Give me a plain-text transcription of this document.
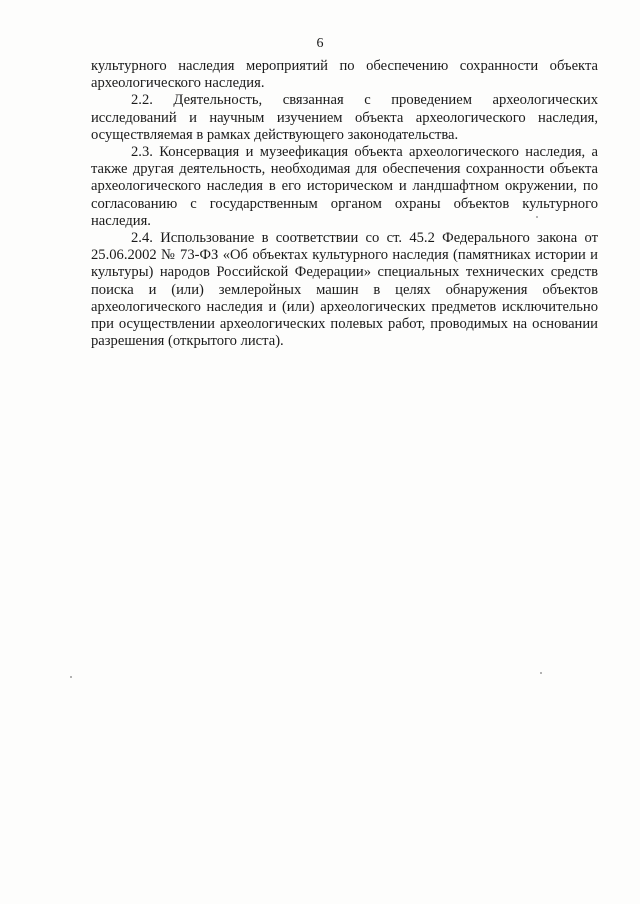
6

культурного наследия мероприятий по обеспечению сохранности объекта археологического наследия.

2.2. Деятельность, связанная с проведением археологических исследований и научным изучением объекта археологического наследия, осуществляемая в рамках действующего законодательства.

2.3. Консервация и музеефикация объекта археологического наследия, а также другая деятельность, необходимая для обеспечения сохранности объекта археологического наследия в его историческом и ландшафтном окружении, по согласованию с государственным органом охраны объектов культурного наследия.

2.4. Использование в соответствии со ст. 45.2 Федерального закона от 25.06.2002 № 73-ФЗ «Об объектах культурного наследия (памятниках истории и культуры) народов Российской Федерации» специальных технических средств поиска и (или) землеройных машин в целях обнаружения объектов археологического наследия и (или) археологических предметов исключительно при осуществлении археологических полевых работ, проводимых на основании разрешения (открытого листа).
